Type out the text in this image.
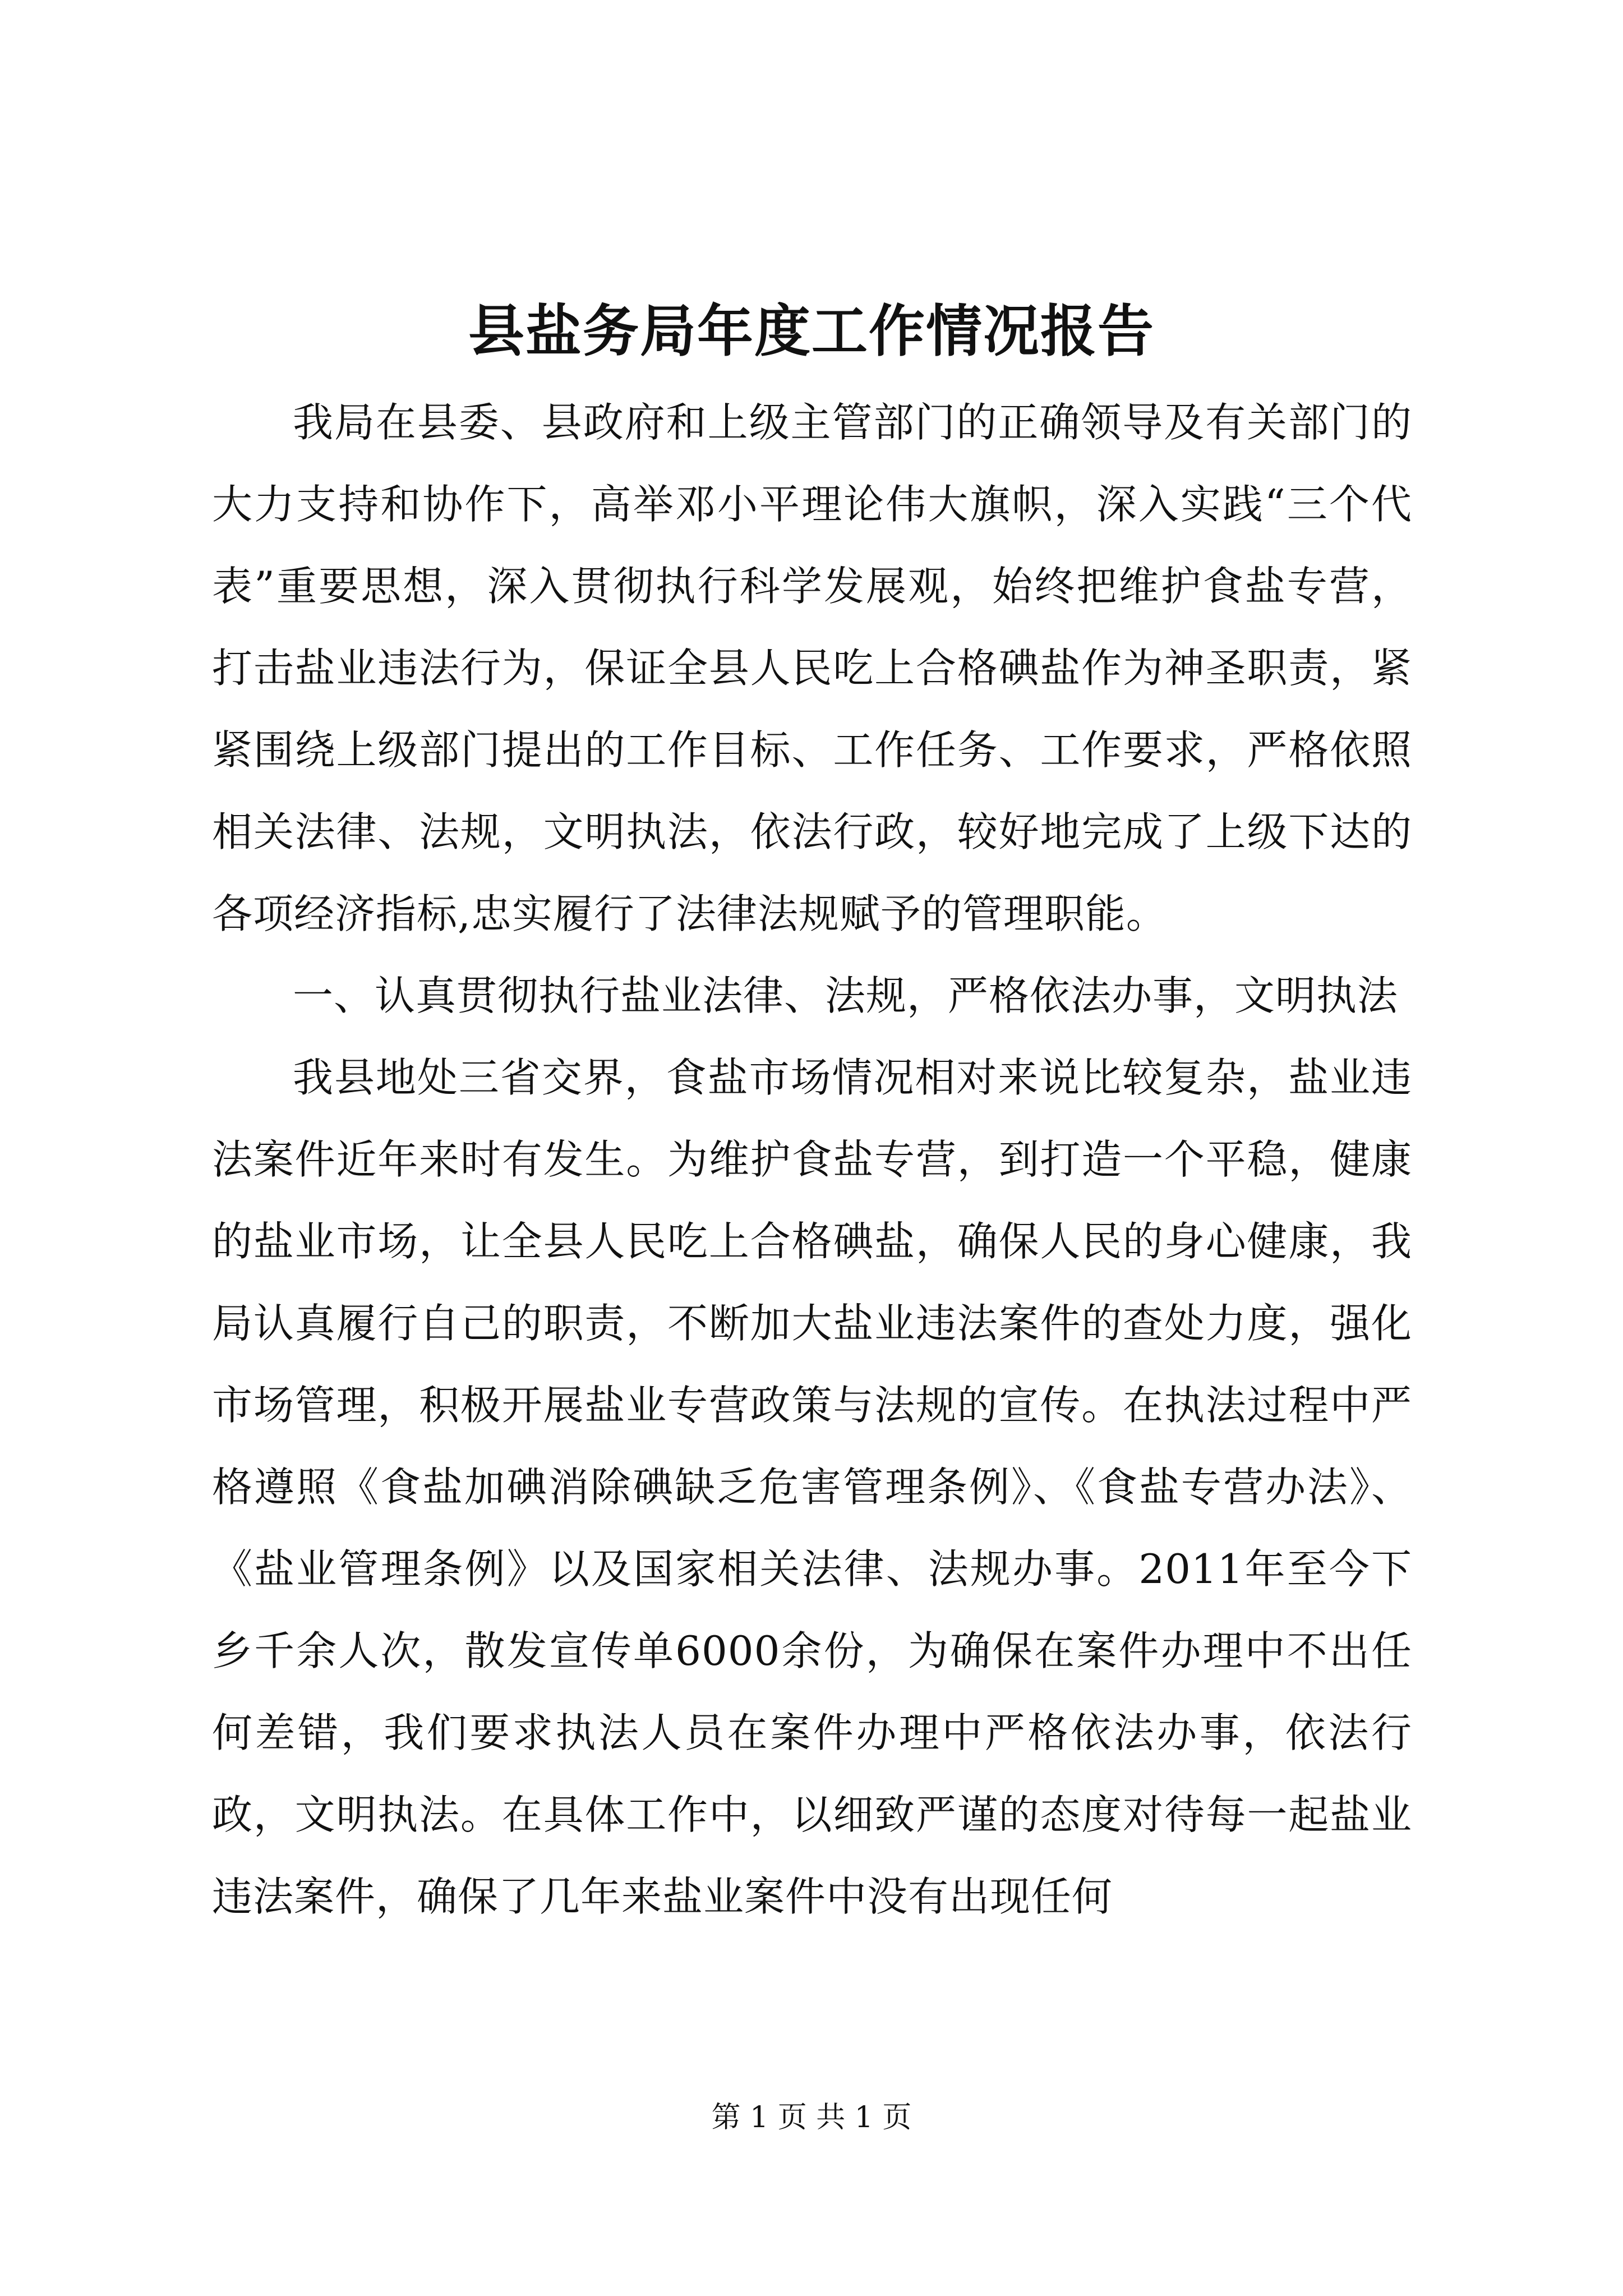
县盐务局年度工作情况报告

我局在县委、县政府和上级主管部门的正确领导及有关部门的大力支持和协作下，高举邓小平理论伟大旗帜，深入实践“三个代表”重要思想，深入贯彻执行科学发展观，始终把维护食盐专营，打击盐业违法行为，保证全县人民吃上合格碘盐作为神圣职责，紧紧围绕上级部门提出的工作目标、工作任务、工作要求，严格依照相关法律、法规，文明执法，依法行政，较好地完成了上级下达的各项经济指标,忠实履行了法律法规赋予的管理职能。

一、认真贯彻执行盐业法律、法规，严格依法办事，文明执法

我县地处三省交界，食盐市场情况相对来说比较复杂，盐业违法案件近年来时有发生。为维护食盐专营，到打造一个平稳，健康的盐业市场，让全县人民吃上合格碘盐，确保人民的身心健康，我局认真履行自己的职责，不断加大盐业违法案件的查处力度，强化市场管理，积极开展盐业专营政策与法规的宣传。在执法过程中严格遵照《食盐加碘消除碘缺乏危害管理条例》、《食盐专营办法》、《盐业管理条例》以及国家相关法律、法规办事。2011年至今下乡千余人次，散发宣传单6000余份，为确保在案件办理中不出任何差错，我们要求执法人员在案件办理中严格依法办事，依法行政，文明执法。在具体工作中，以细致严谨的态度对待每一起盐业违法案件，确保了几年来盐业案件中没有出现任何

第 1 页 共 1 页
